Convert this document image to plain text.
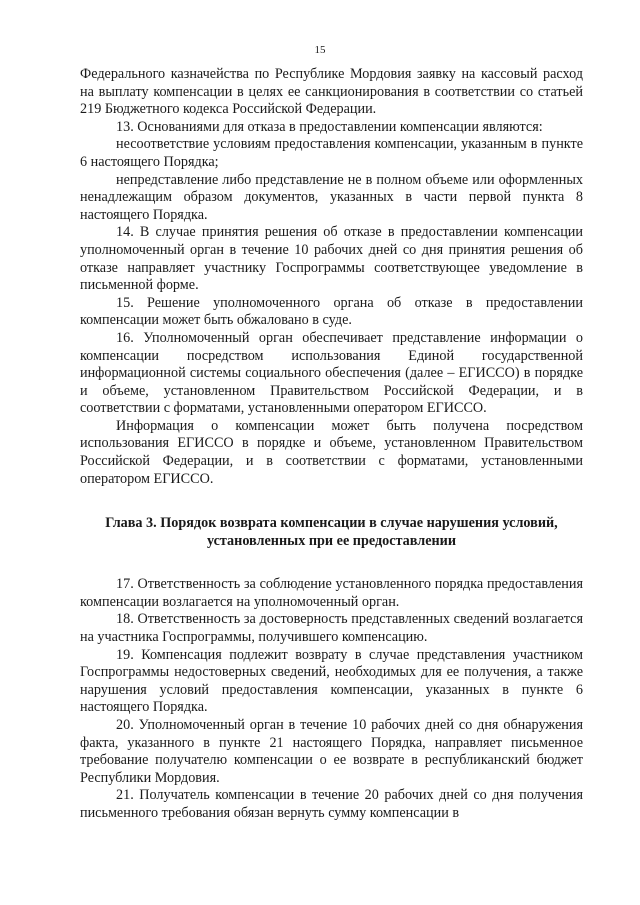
15

Федерального казначейства по Республике Мордовия заявку на кассовый расход на выплату компенсации в целях ее санкционирования в соответствии со статьей 219 Бюджетного кодекса Российской Федерации.

13. Основаниями для отказа в предоставлении компенсации являются:

несоответствие условиям предоставления компенсации, указанным в пункте 6 настоящего Порядка;

непредставление либо представление не в полном объеме или оформленных ненадлежащим образом документов, указанных в части первой пункта 8 настоящего Порядка.

14. В случае принятия решения об отказе в предоставлении компенсации уполномоченный орган в течение 10 рабочих дней со дня принятия решения об отказе направляет участнику Госпрограммы соответствующее уведомление в письменной форме.

15. Решение уполномоченного органа об отказе в предоставлении компенсации может быть обжаловано в суде.

16. Уполномоченный орган обеспечивает представление информации о компенсации посредством использования Единой государственной информационной системы социального обеспечения (далее – ЕГИССО) в порядке и объеме, установленном Правительством Российской Федерации, и в соответствии с форматами, установленными оператором ЕГИССО.

Информация о компенсации может быть получена посредством использования ЕГИССО в порядке и объеме, установленном Правительством Российской Федерации, и в соответствии с форматами, установленными оператором ЕГИССО.

Глава 3. Порядок возврата компенсации в случае нарушения условий,
установленных при ее предоставлении

17. Ответственность за соблюдение установленного порядка предоставления компенсации возлагается на уполномоченный орган.

18. Ответственность за достоверность представленных сведений возлагается на участника Госпрограммы, получившего компенсацию.

19. Компенсация подлежит возврату в случае представления участником Госпрограммы недостоверных сведений, необходимых для ее получения, а также нарушения условий предоставления компенсации, указанных в пункте 6 настоящего Порядка.

20. Уполномоченный орган в течение 10 рабочих дней со дня обнаружения факта, указанного в пункте 21 настоящего Порядка, направляет письменное требование получателю компенсации о ее возврате в республиканский бюджет Республики Мордовия.

21. Получатель компенсации в течение 20 рабочих дней со дня получения письменного требования обязан вернуть сумму компенсации в
